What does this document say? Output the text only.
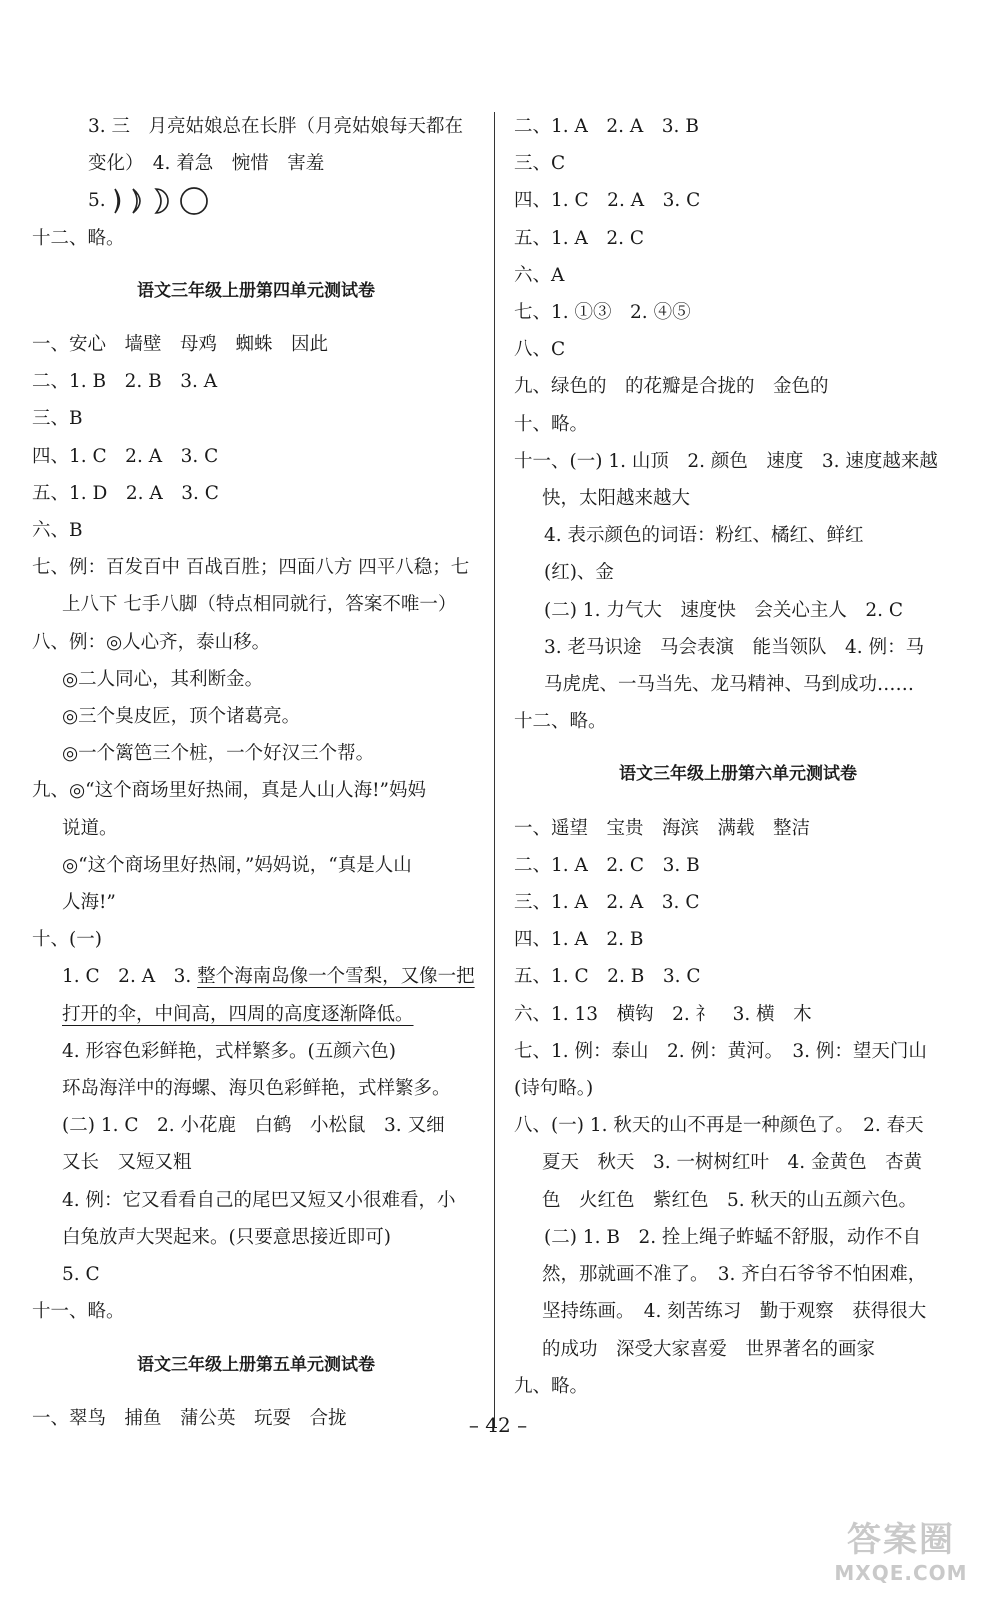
3. 三　月亮姑娘总在长胖（月亮姑娘每天都在
变化）　4. 着急　惋惜　害羞
5.
十二、略。
语文三年级上册第四单元测试卷
一、安心　墙壁　母鸡　蜘蛛　因此
二、1. B　2. B　3. A
三、B
四、1. C　2. A　3. C
五、1. D　2. A　3. C
六、B
七、例：百发百中 百战百胜；四面八方 四平八稳；七
上八下 七手八脚（特点相同就行，答案不唯一）
八、例：◎人心齐，泰山移。
◎二人同心，其利断金。
◎三个臭皮匠，顶个诸葛亮。
◎一个篱笆三个桩，一个好汉三个帮。
九、◎“这个商场里好热闹，真是人山人海!”妈妈
说道。
◎“这个商场里好热闹，”妈妈说，“真是人山
人海!”
十、(一)
1. C　2. A　3. 整个海南岛像一个雪梨，又像一把
打开的伞，中间高，四周的高度逐渐降低。
4. 形容色彩鲜艳，式样繁多。(五颜六色)
环岛海洋中的海螺、海贝色彩鲜艳，式样繁多。
(二) 1. C　2. 小花鹿　白鹤　小松鼠　3. 又细
又长　又短又粗
4. 例：它又看看自己的尾巴又短又小很难看，小
白兔放声大哭起来。(只要意思接近即可)
5. C
十一、略。
语文三年级上册第五单元测试卷
一、翠鸟　捕鱼　蒲公英　玩耍　合拢
二、1. A　2. A　3. B
三、C
四、1. C　2. A　3. C
五、1. A　2. C
六、A
七、1. ①③　2. ④⑤
八、C
九、绿色的　的花瓣是合拢的　金色的
十、略。
十一、(一) 1. 山顶　2. 颜色　速度　3. 速度越来越
快，太阳越来越大
4. 表示颜色的词语：粉红、橘红、鲜红
(红)、金
(二) 1. 力气大　速度快　会关心主人　2. C
3. 老马识途　马会表演　能当领队　4. 例：马
马虎虎、一马当先、龙马精神、马到成功……
十二、略。
语文三年级上册第六单元测试卷
一、遥望　宝贵　海滨　满载　整洁
二、1. A　2. C　3. B
三、1. A　2. A　3. C
四、1. A　2. B
五、1. C　2. B　3. C
六、1. 13　横钩　2. 礻　3. 横　木
七、1. 例：泰山　2. 例：黄河。　3. 例：望天门山
(诗句略。)
八、(一) 1. 秋天的山不再是一种颜色了。　2. 春天
夏天　秋天　3. 一树树红叶　4. 金黄色　杏黄
色　火红色　紫红色　5. 秋天的山五颜六色。
(二) 1. B　2. 拴上绳子蚱蜢不舒服，动作不自
然，那就画不准了。　3. 齐白石爷爷不怕困难，
坚持练画。　4. 刻苦练习　勤于观察　获得很大
的成功　深受大家喜爱　世界著名的画家
九、略。
– 42 –
答案圈
MXQE.COM
